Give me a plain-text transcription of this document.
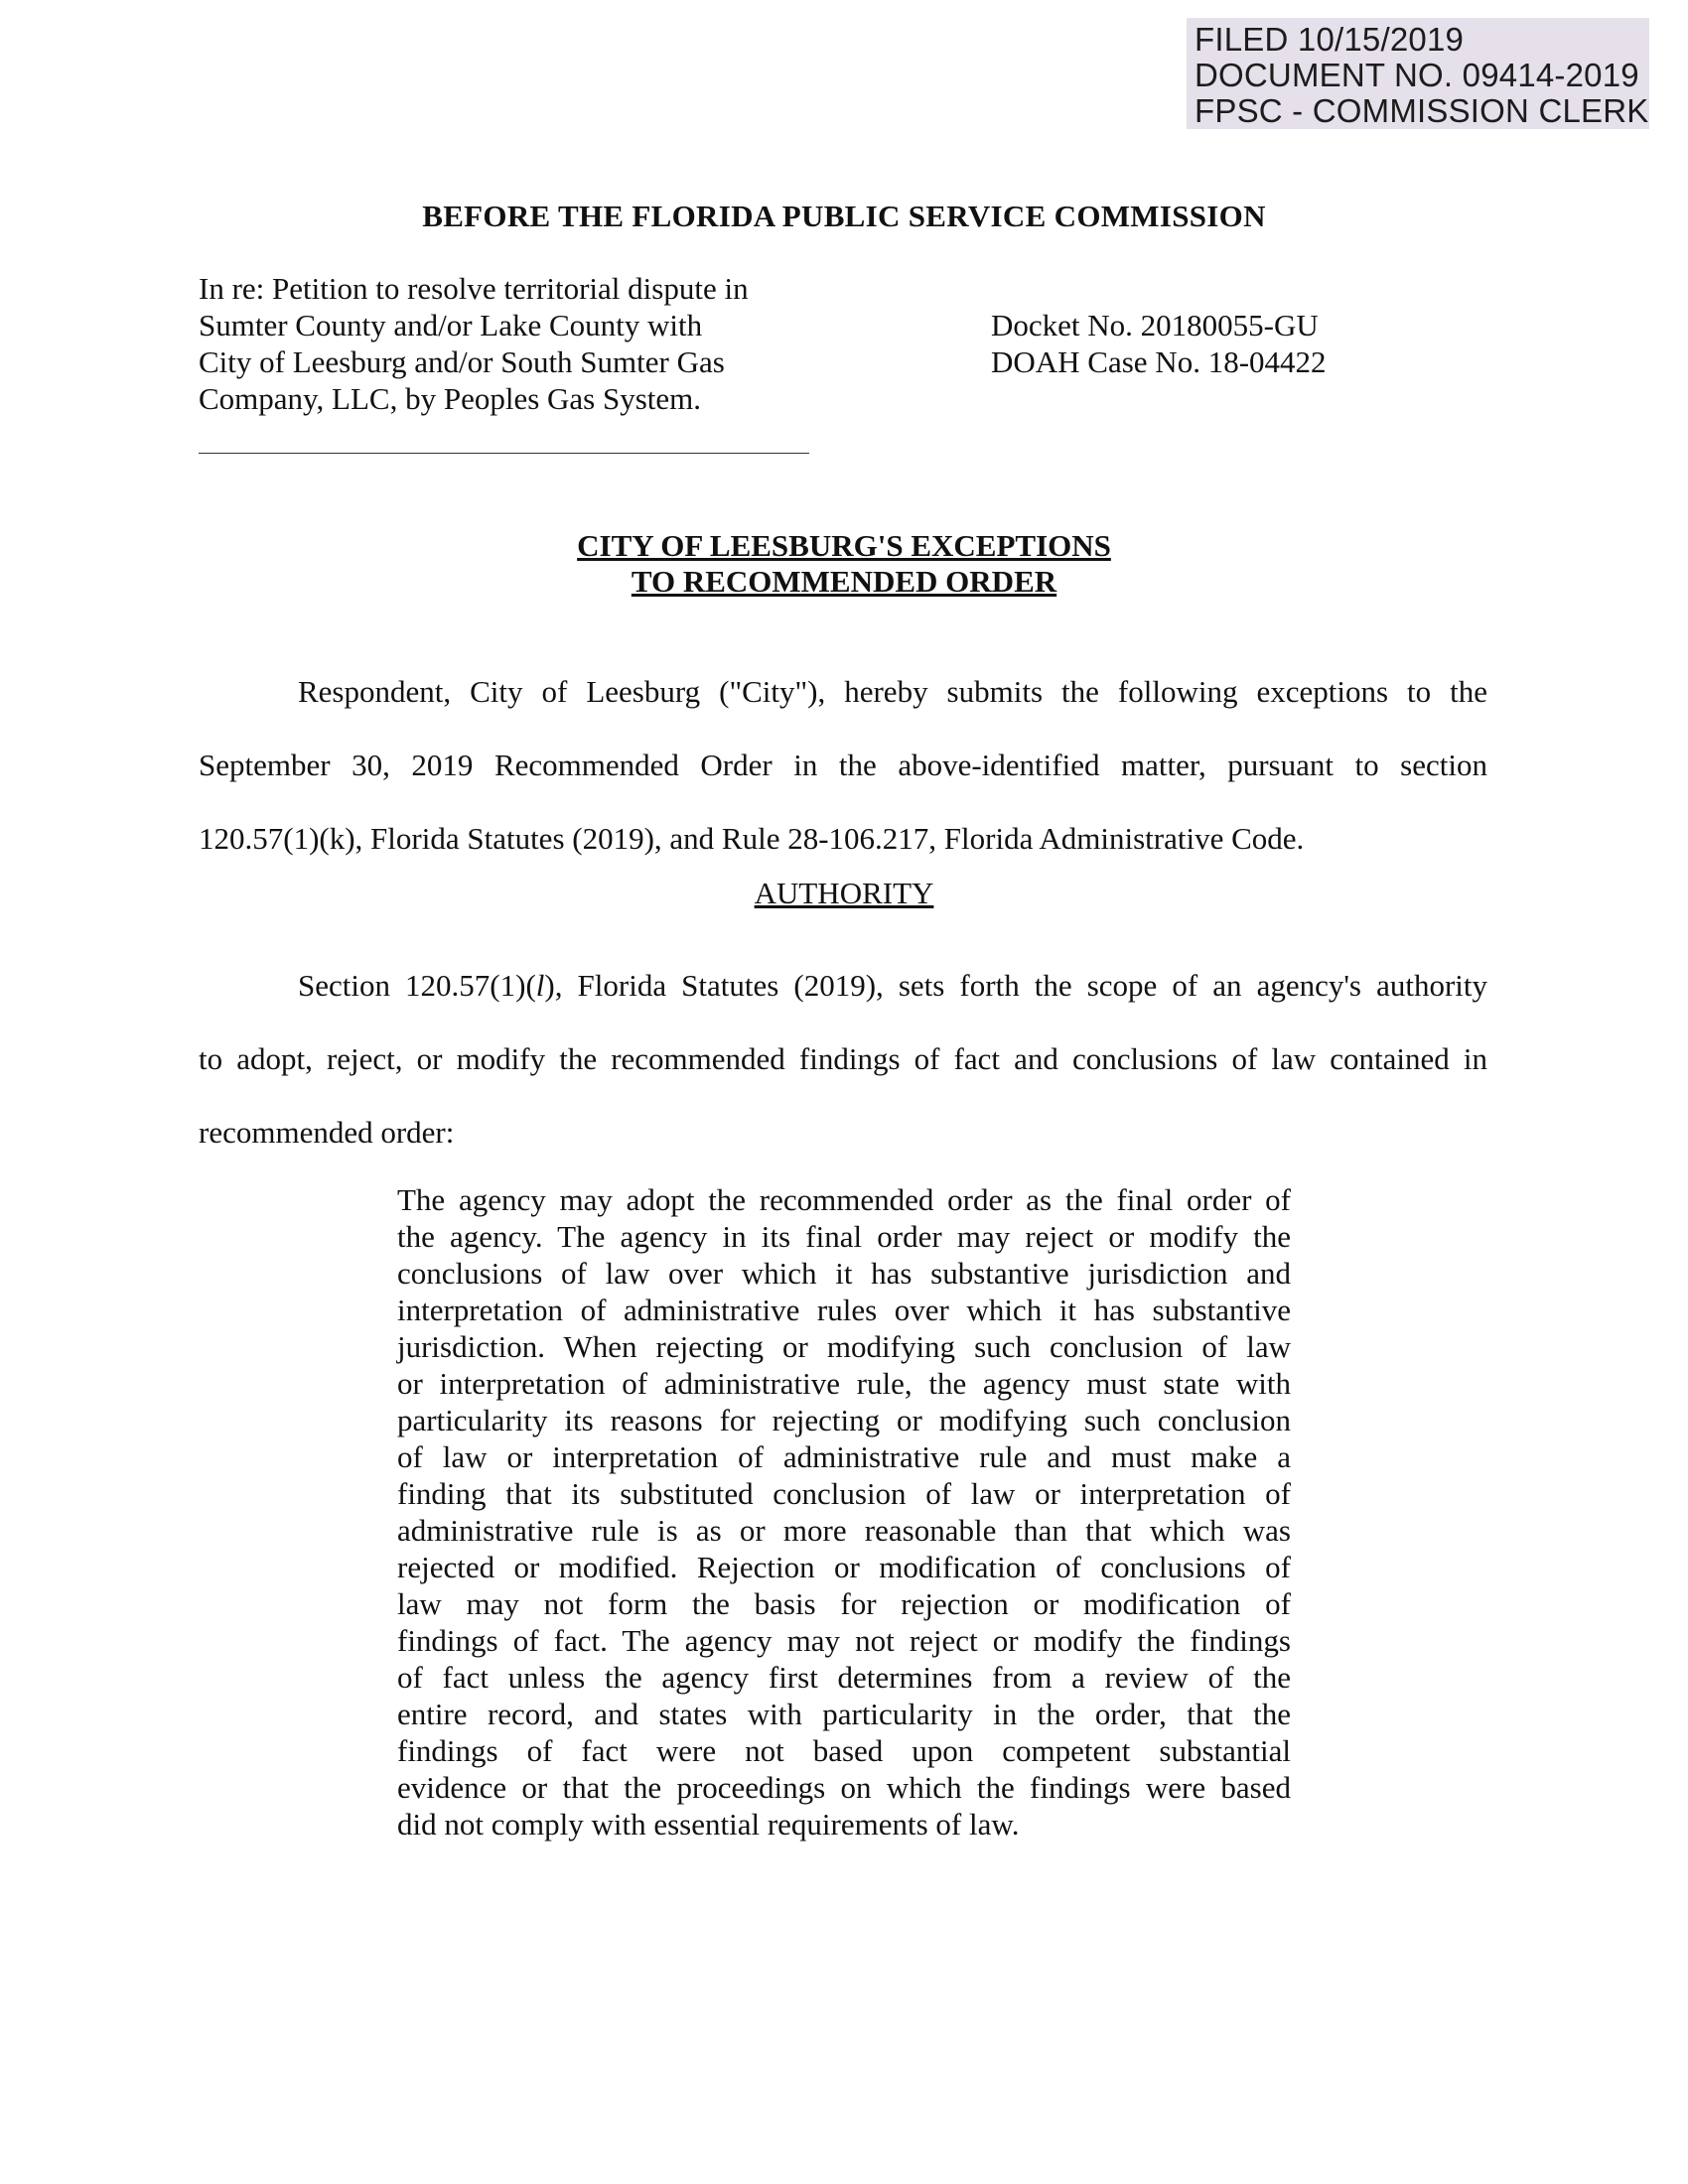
FILED 10/15/2019
DOCUMENT NO. 09414-2019
FPSC - COMMISSION CLERK
BEFORE THE FLORIDA PUBLIC SERVICE COMMISSION
In re: Petition to resolve territorial dispute in
Sumter County and/or Lake County with
City of Leesburg and/or South Sumter Gas
Company, LLC, by Peoples Gas System.
Docket No. 20180055-GU
DOAH Case No. 18-04422
CITY OF LEESBURG'S EXCEPTIONS
TO RECOMMENDED ORDER
Respondent, City of Leesburg ("City"), hereby submits the following exceptions to the
September 30, 2019 Recommended Order in the above-identified matter, pursuant to section
120.57(1)(k), Florida Statutes (2019), and Rule 28-106.217, Florida Administrative Code.
AUTHORITY
Section 120.57(1)(l), Florida Statutes (2019), sets forth the scope of an agency's authority
to adopt, reject, or modify the recommended findings of fact and conclusions of law contained in
recommended order:
The agency may adopt the recommended order as the final order of
the agency. The agency in its final order may reject or modify the
conclusions of law over which it has substantive jurisdiction and
interpretation of administrative rules over which it has substantive
jurisdiction. When rejecting or modifying such conclusion of law
or interpretation of administrative rule, the agency must state with
particularity its reasons for rejecting or modifying such conclusion
of law or interpretation of administrative rule and must make a
finding that its substituted conclusion of law or interpretation of
administrative rule is as or more reasonable than that which was
rejected or modified. Rejection or modification of conclusions of
law may not form the basis for rejection or modification of
findings of fact. The agency may not reject or modify the findings
of fact unless the agency first determines from a review of the
entire record, and states with particularity in the order, that the
findings of fact were not based upon competent substantial
evidence or that the proceedings on which the findings were based
did not comply with essential requirements of law.
